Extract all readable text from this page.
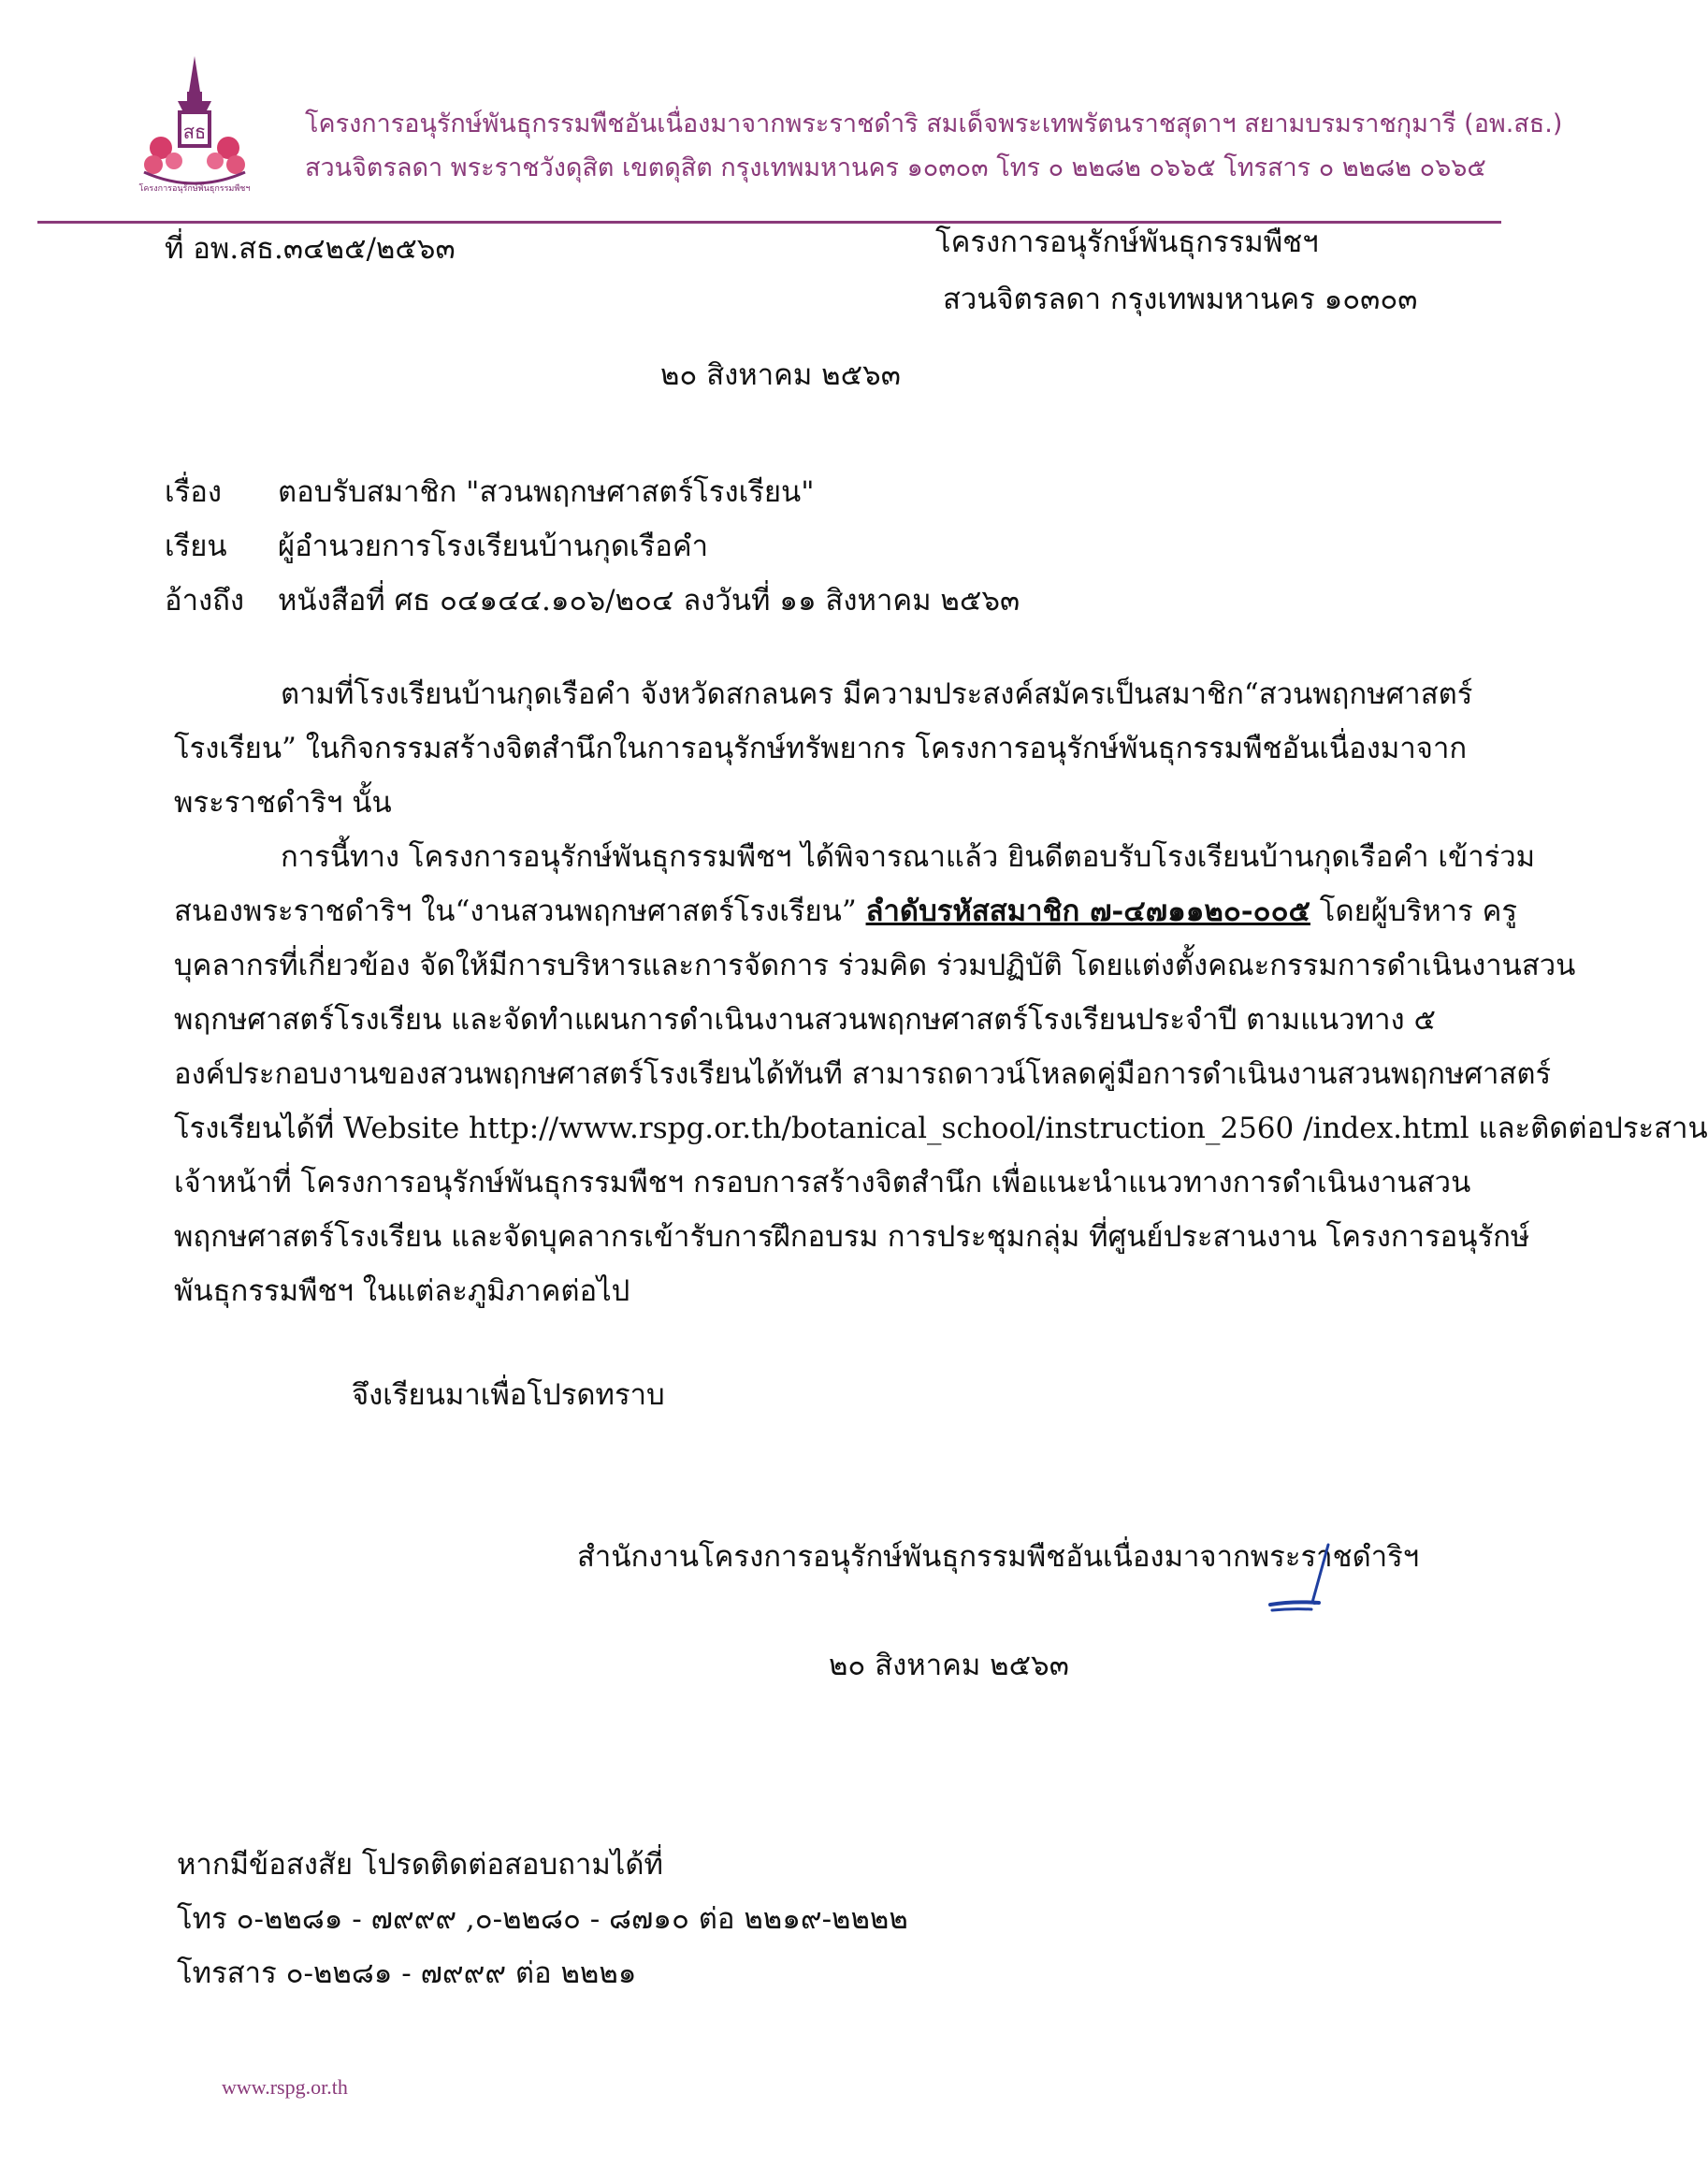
สธ
โครงการอนุรักษ์พันธุกรรมพืชฯ
โครงการอนุรักษ์พันธุกรรมพืชอันเนื่องมาจากพระราชดำริ สมเด็จพระเทพรัตนราชสุดาฯ สยามบรมราชกุมารี (อพ.สธ.)
สวนจิตรลดา พระราชวังดุสิต เขตดุสิต กรุงเทพมหานคร ๑๐๓๐๓ โทร ๐ ๒๒๘๒ ๐๖๖๕ โทรสาร ๐ ๒๒๘๒ ๐๖๖๕
ที่ อพ.สธ.๓๔๒๕/๒๕๖๓	โครงการอนุรักษ์พันธุกรรมพืชฯ
สวนจิตรลดา กรุงเทพมหานคร ๑๐๓๐๓
๒๐ สิงหาคม ๒๕๖๓
เรื่อง ตอบรับสมาชิก "สวนพฤกษศาสตร์โรงเรียน"
เรียน ผู้อำนวยการโรงเรียนบ้านกุดเรือคำ
อ้างถึง หนังสือที่ ศธ ๐๔๑๔๔.๑๐๖/๒๐๔ ลงวันที่ ๑๑ สิงหาคม ๒๕๖๓
ตามที่โรงเรียนบ้านกุดเรือคำ จังหวัดสกลนคร มีความประสงค์สมัครเป็นสมาชิก“สวนพฤกษศาสตร์
โรงเรียน” ในกิจกรรมสร้างจิตสำนึกในการอนุรักษ์ทรัพยากร โครงการอนุรักษ์พันธุกรรมพืชอันเนื่องมาจาก
พระราชดำริฯ นั้น
การนี้ทาง โครงการอนุรักษ์พันธุกรรมพืชฯ ได้พิจารณาแล้ว ยินดีตอบรับโรงเรียนบ้านกุดเรือคำ เข้าร่วม
สนองพระราชดำริฯ ใน“งานสวนพฤกษศาสตร์โรงเรียน” ลำดับรหัสสมาชิก ๗-๔๗๑๑๒๐-๐๐๕ โดยผู้บริหาร ครู
บุคลากรที่เกี่ยวข้อง จัดให้มีการบริหารและการจัดการ ร่วมคิด ร่วมปฏิบัติ โดยแต่งตั้งคณะกรรมการดำเนินงานสวน
พฤกษศาสตร์โรงเรียน และจัดทำแผนการดำเนินงานสวนพฤกษศาสตร์โรงเรียนประจำปี ตามแนวทาง ๕
องค์ประกอบงานของสวนพฤกษศาสตร์โรงเรียนได้ทันที สามารถดาวน์โหลดคู่มือการดำเนินงานสวนพฤกษศาสตร์
โรงเรียนได้ที่ Website http://www.rspg.or.th/botanical_school/instruction_2560 /index.html และติดต่อประสาน
เจ้าหน้าที่ โครงการอนุรักษ์พันธุกรรมพืชฯ กรอบการสร้างจิตสำนึก เพื่อแนะนำแนวทางการดำเนินงานสวน
พฤกษศาสตร์โรงเรียน และจัดบุคลากรเข้ารับการฝึกอบรม การประชุมกลุ่ม ที่ศูนย์ประสานงาน โครงการอนุรักษ์
พันธุกรรมพืชฯ ในแต่ละภูมิภาคต่อไป
จึงเรียนมาเพื่อโปรดทราบ
สำนักงานโครงการอนุรักษ์พันธุกรรมพืชอันเนื่องมาจากพระราชดำริฯ
๒๐ สิงหาคม ๒๕๖๓
หากมีข้อสงสัย โปรดติดต่อสอบถามได้ที่
โทร ๐-๒๒๘๑ - ๗๙๙๙ ,๐-๒๒๘๐ - ๘๗๑๐ ต่อ ๒๒๑๙-๒๒๒๒
โทรสาร ๐-๒๒๘๑ - ๗๙๙๙ ต่อ ๒๒๒๑
www.rspg.or.th
